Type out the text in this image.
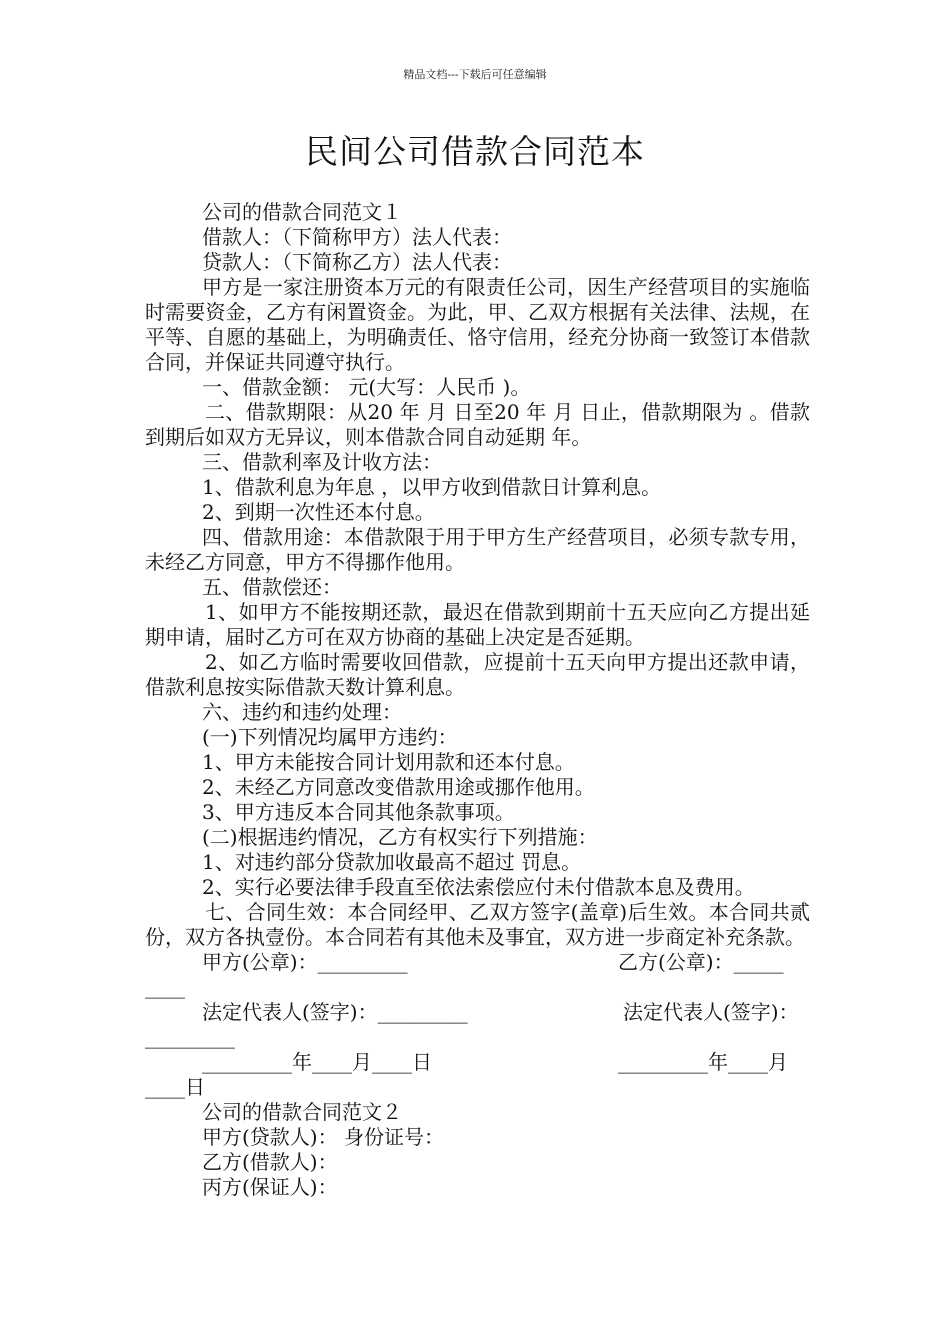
精品文档---下载后可任意编辑
民间公司借款合同范本

公司的借款合同范文１

借款人：（下简称甲方）法人代表：

贷款人：（下简称乙方）法人代表：

甲方是一家注册资本万元的有限责任公司，因生产经营项目的实施临时需要资金，乙方有闲置资金。为此，甲、乙双方根据有关法律、法规，在平等、自愿的基础上，为明确责任、恪守信用，经充分协商一致签订本借款合同，并保证共同遵守执行。

一、借款金额： 元(大写：人民币 )。

二、借款期限：从20 年 月 日至20 年 月 日止，借款期限为 。借款到期后如双方无异议，则本借款合同自动延期 年。

三、借款利率及计收方法：

1、借款利息为年息 ，以甲方收到借款日计算利息。

2、到期一次性还本付息。

四、借款用途：本借款限于用于甲方生产经营项目，必须专款专用，未经乙方同意，甲方不得挪作他用。

五、借款偿还：

1、如甲方不能按期还款，最迟在借款到期前十五天应向乙方提出延期申请，届时乙方可在双方协商的基础上决定是否延期。

2、如乙方临时需要收回借款，应提前十五天向甲方提出还款申请，借款利息按实际借款天数计算利息。

六、违约和违约处理：

(一)下列情况均属甲方违约：

1、甲方未能按合同计划用款和还本付息。

2、未经乙方同意改变借款用途或挪作他用。

3、甲方违反本合同其他条款事项。

(二)根据违约情况，乙方有权实行下列措施：

1、对违约部分贷款加收最高不超过 罚息。

2、实行必要法律手段直至依法索偿应付未付借款本息及费用。

七、合同生效：本合同经甲、乙双方签字(盖章)后生效。本合同共贰份，双方各执壹份。本合同若有其他未及事宜，双方进一步商定补充条款。

甲方(公章)：_________	乙方(公章)：_____
____
法定代表人(签字)：_________	法定代表人(签字)：
_________
_________年____月____日	_________年____月
____日

公司的借款合同范文２

甲方(贷款人)： 身份证号：

乙方(借款人)：

丙方(保证人)：
